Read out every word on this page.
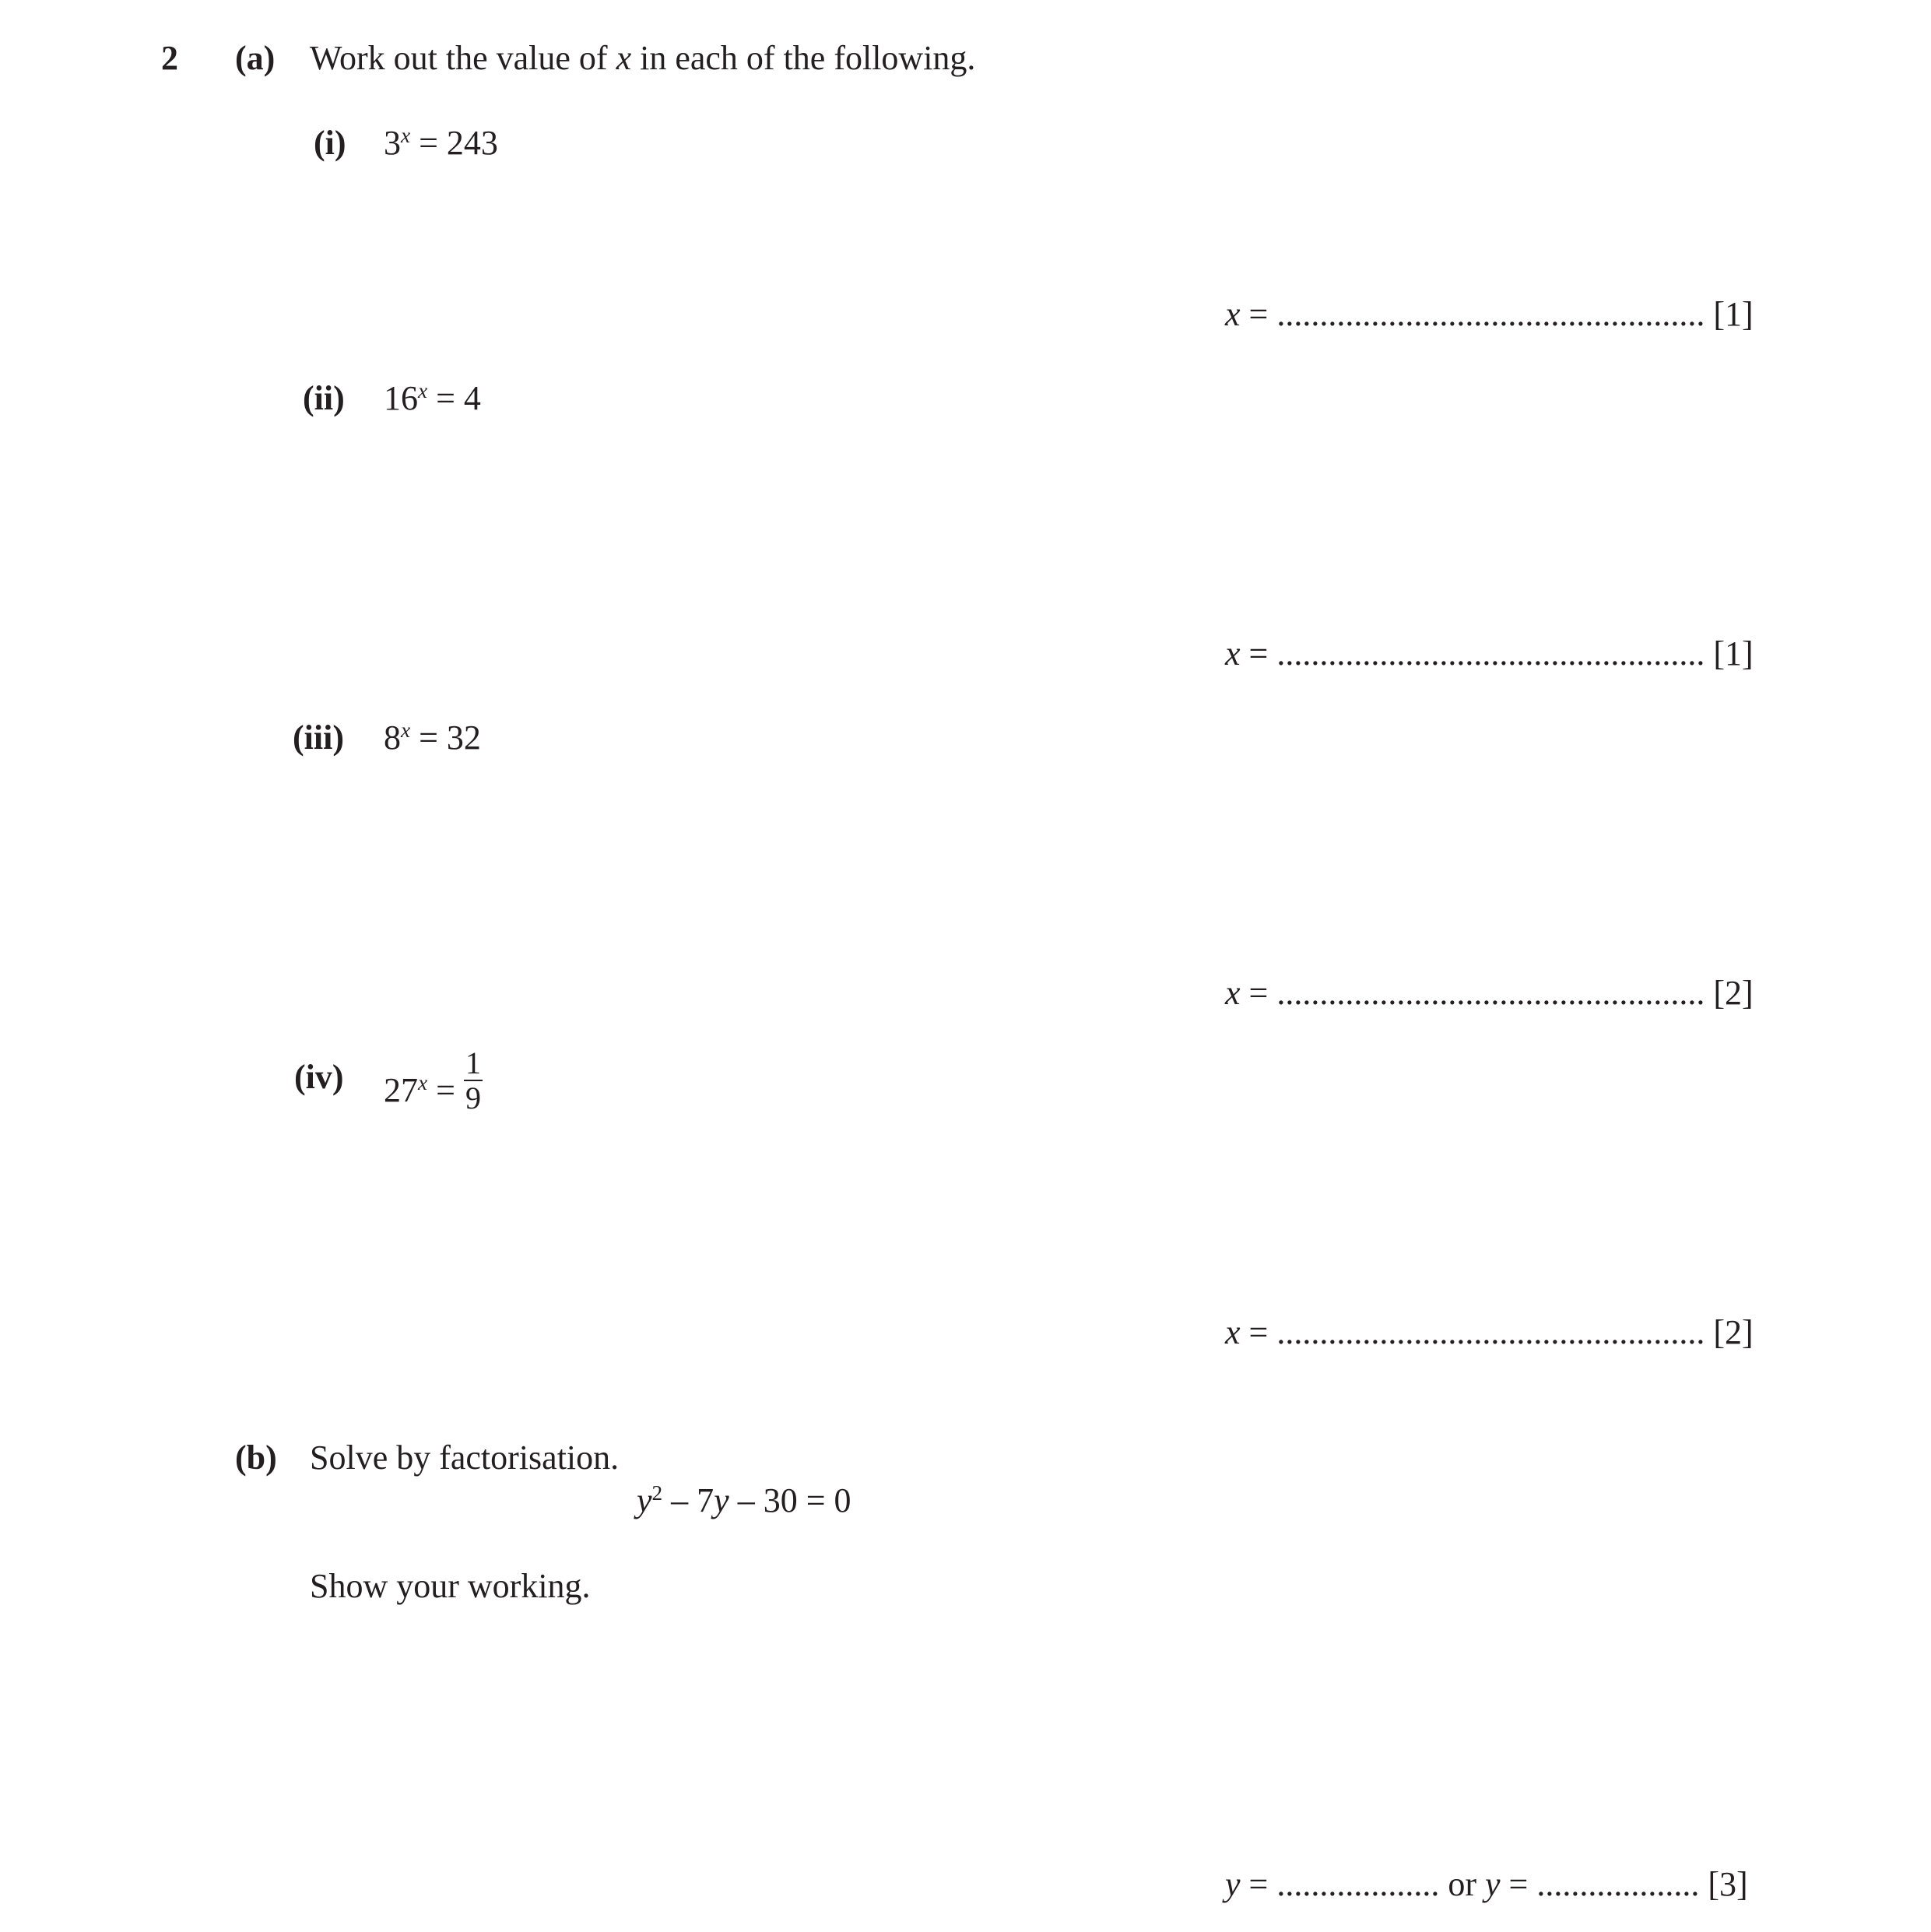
2 (a) Work out the value of x in each of the following.
(i) $3^x = 243$
x = .................................................. [1]
(ii) $16^x = 4$
x = .................................................. [1]
(iii) $8^x = 32$
x = .................................................. [2]
(iv) $27^x = \frac{1}{9}$
x = .................................................. [2]
(b) Solve by factorisation.
$y^2 - 7y - 30 = 0$
Show your working.
y = ................... or y = ................... [3]
